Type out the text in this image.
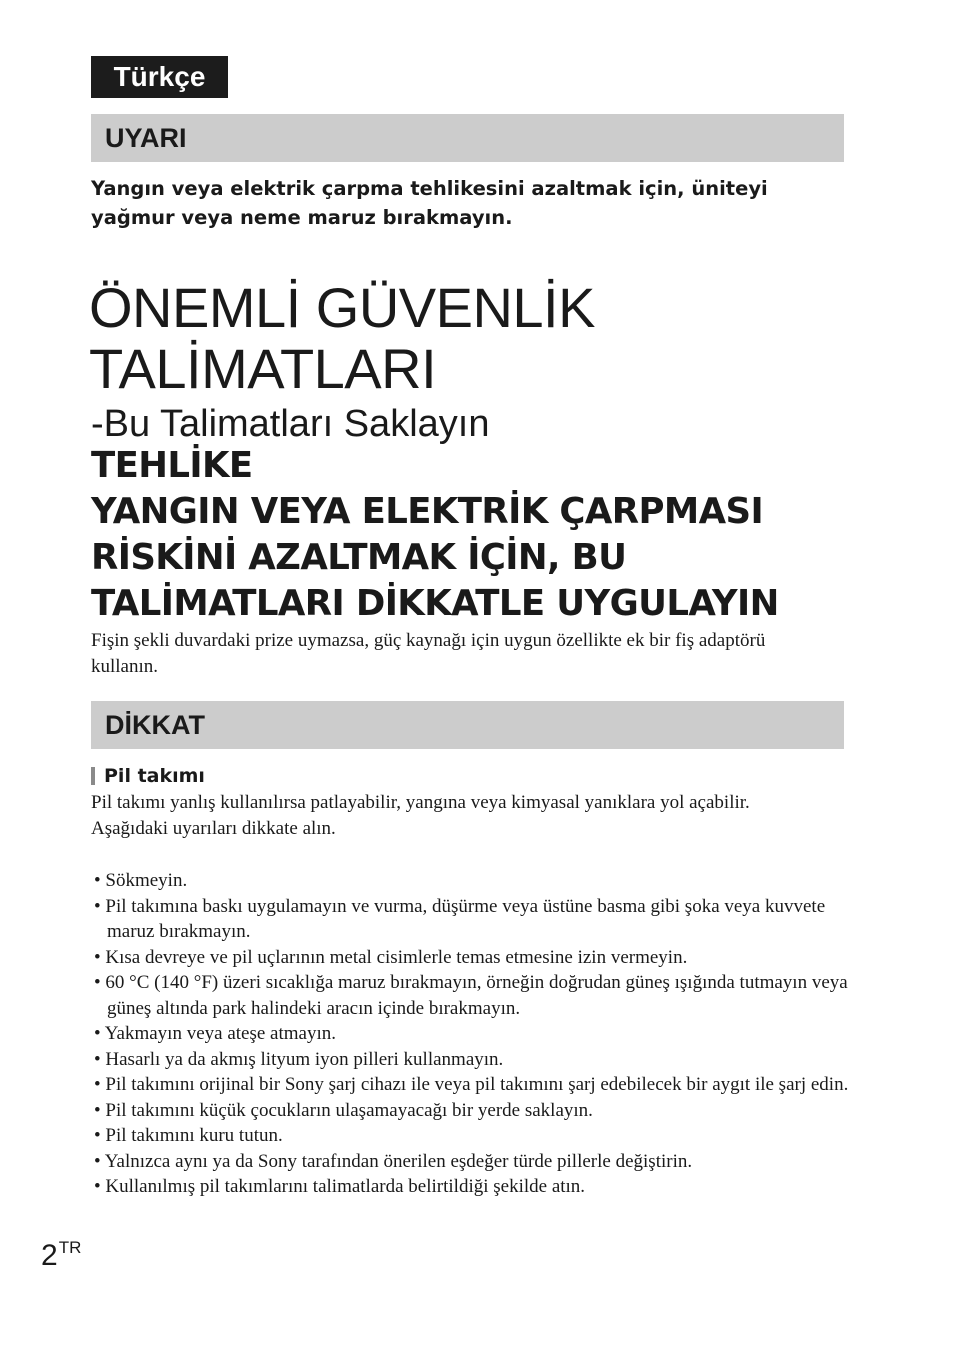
Türkçe
UYARI
Yangın veya elektrik çarpma tehlikesini azaltmak için, üniteyi
yağmur veya neme maruz bırakmayın.
ÖNEMLİ GÜVENLİK
TALİMATLARI
-Bu Talimatları Saklayın
TEHLİKE
YANGIN VEYA ELEKTRİK ÇARPMASI
RİSKİNİ AZALTMAK İÇİN, BU
TALİMATLARI DİKKATLE UYGULAYIN
Fişin şekli duvardaki prize uymazsa, güç kaynağı için uygun özellikte ek bir fiş adaptörü
kullanın.
DİKKAT
Pil takımı
Pil takımı yanlış kullanılırsa patlayabilir, yangına veya kimyasal yanıklara yol açabilir.
Aşağıdaki uyarıları dikkate alın.
• Sökmeyin.
• Pil takımına baskı uygulamayın ve vurma, düşürme veya üstüne basma gibi şoka veya kuvvete maruz bırakmayın.
• Kısa devreye ve pil uçlarının metal cisimlerle temas etmesine izin vermeyin.
• 60 °C (140 °F) üzeri sıcaklığa maruz bırakmayın, örneğin doğrudan güneş ışığında tutmayın veya güneş altında park halindeki aracın içinde bırakmayın.
• Yakmayın veya ateşe atmayın.
• Hasarlı ya da akmış lityum iyon pilleri kullanmayın.
• Pil takımını orijinal bir Sony şarj cihazı ile veya pil takımını şarj edebilecek bir aygıt ile şarj edin.
• Pil takımını küçük çocukların ulaşamayacağı bir yerde saklayın.
• Pil takımını kuru tutun.
• Yalnızca aynı ya da Sony tarafından önerilen eşdeğer türde pillerle değiştirin.
• Kullanılmış pil takımlarını talimatlarda belirtildiği şekilde atın.
$2^{TR}$
